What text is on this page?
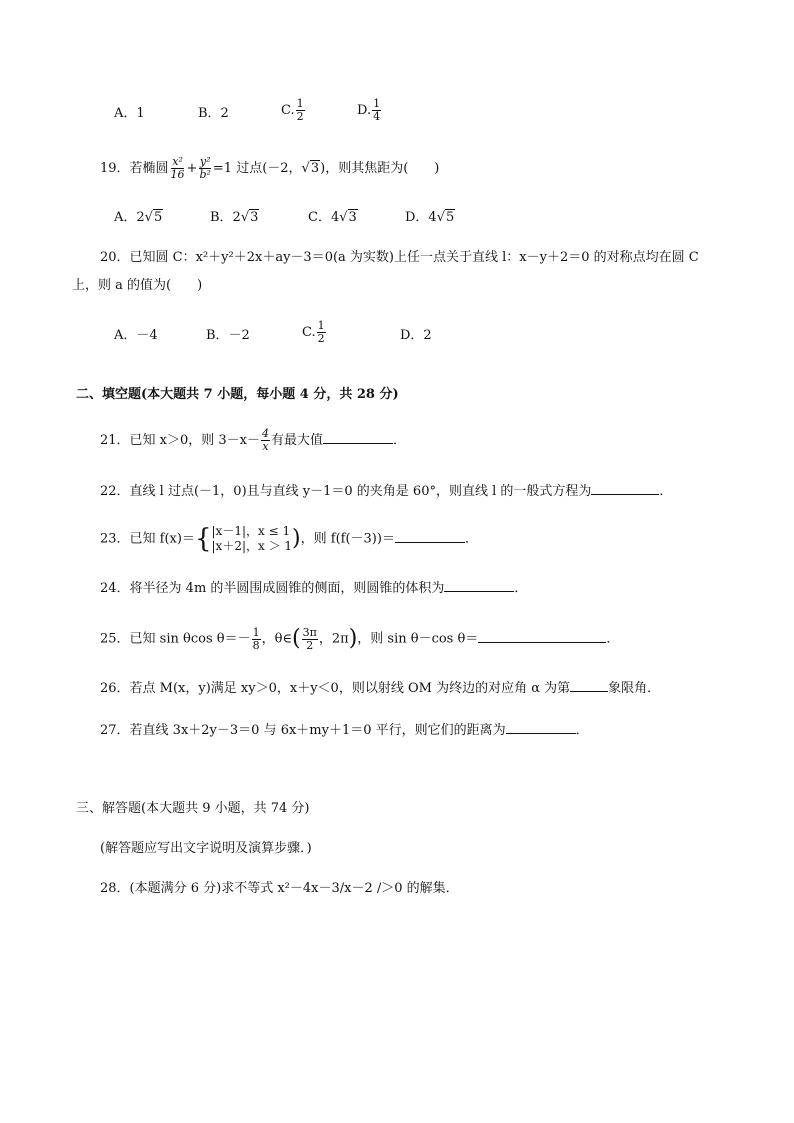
A．1	B．2	C. $\frac{1}{2}$	D. $\frac{1}{4}$
19．若椭圆 $\frac{\text{x²}}{16} + \frac{\text{y²}}{\text{b²}} =1$ 过点(－2，√3)，则其焦距为(　　)
A．2√5	B．2√3	C．4√3	D．4√5
20．已知圆 C：x²＋y²＋2x＋ay－3＝0(a 为实数)上任一点关于直线 l：x－y＋2＝0 的对称点均在圆 C
上，则 a 的值为(　　)
A．－4	B．－2	C. $\frac{1}{2}$	D．2
二、填空题(本大题共 7 小题，每小题 4 分，共 28 分)
21．已知 x＞0，则 $3-x- \frac{4}{x}$ 有最大值	．
22．直线 l 过点(－1，0)且与直线 y－1＝0 的夹角是 60°，则直线 l 的一般式方程为	．
23．已知 f(x)＝{ |x－1|，x ≤ 1
|x＋2|，x ＞ 1 )，则 f(f(－3))＝	．
24．将半径为 4m 的半圆围成圆锥的侧面，则圆锥的体积为	．
25．已知 sin θcos $\theta=- \frac{1}{8}$ ，θ∈( $\frac{3\pi}{2}$ ，2π)，则 sin θ－cos θ＝	．
26．若点 M(x，y)满足 xy＞0，x＋y＜0，则以射线 OM 为终边的对应角 α 为第	象限角．
27．若直线 3x＋2y－3＝0 与 6x＋my＋1＝0 平行，则它们的距离为	．
三、解答题(本大题共 9 小题，共 74 分)
(解答题应写出文字说明及演算步骤．)
28．(本题满分 6 分)求不等式 x²－4x－3/x－2 /＞0 的解集．
